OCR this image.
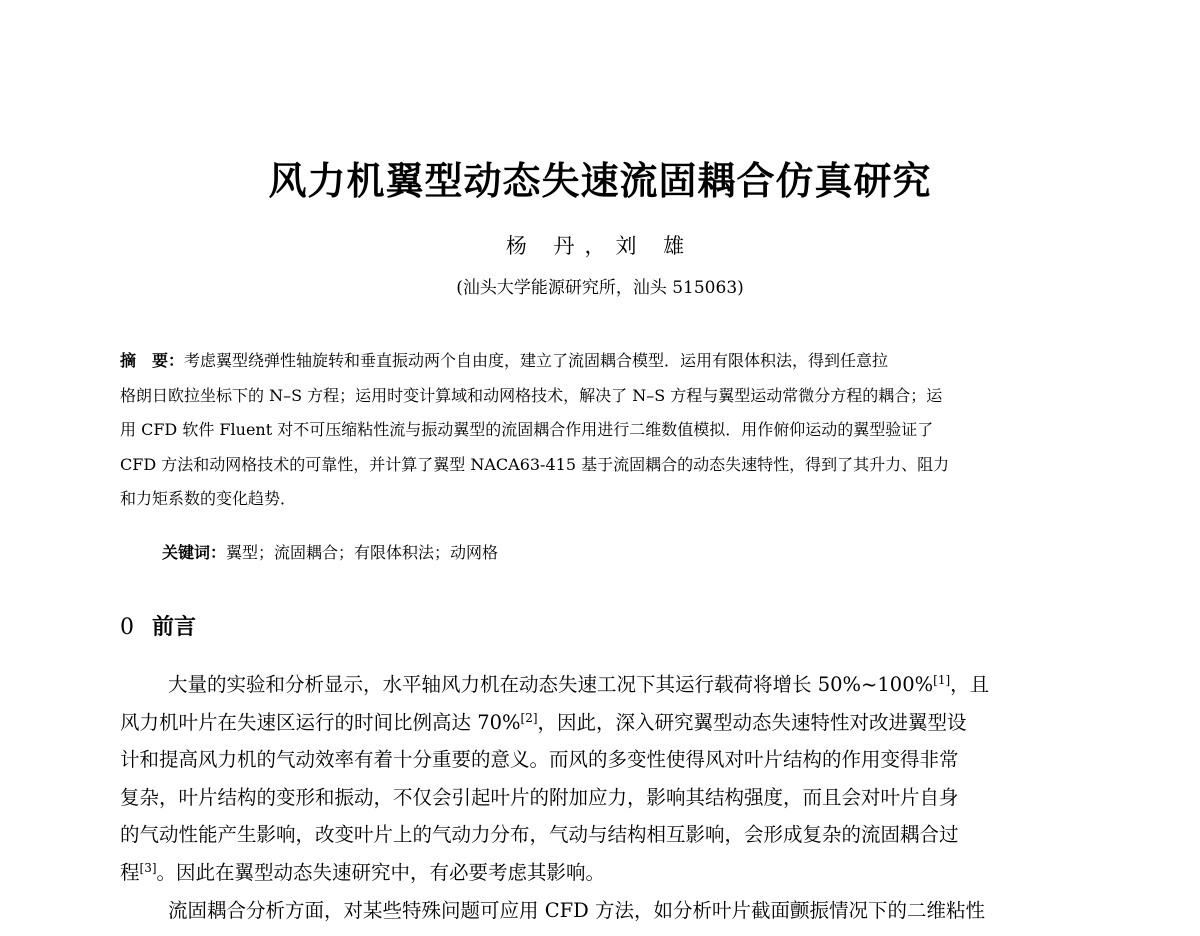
风力机翼型动态失速流固耦合仿真研究
杨 丹，刘 雄
(汕头大学能源研究所，汕头 515063)
摘　要：考虑翼型绕弹性轴旋转和垂直振动两个自由度，建立了流固耦合模型．运用有限体积法，得到任意拉
格朗日欧拉坐标下的 N–S 方程；运用时变计算域和动网格技术，解决了 N–S 方程与翼型运动常微分方程的耦合；运
用 CFD 软件 Fluent 对不可压缩粘性流与振动翼型的流固耦合作用进行二维数值模拟．用作俯仰运动的翼型验证了
CFD 方法和动网格技术的可靠性，并计算了翼型 NACA63-415 基于流固耦合的动态失速特性，得到了其升力、阻力
和力矩系数的变化趋势．
关键词：翼型；流固耦合；有限体积法；动网格
0 前言
大量的实验和分析显示，水平轴风力机在动态失速工况下其运行载荷将增长 50%~100%[1]，且
风力机叶片在失速区运行的时间比例高达 70%[2]，因此，深入研究翼型动态失速特性对改进翼型设
计和提高风力机的气动效率有着十分重要的意义。而风的多变性使得风对叶片结构的作用变得非常
复杂，叶片结构的变形和振动，不仅会引起叶片的附加应力，影响其结构强度，而且会对叶片自身
的气动性能产生影响，改变叶片上的气动力分布，气动与结构相互影响，会形成复杂的流固耦合过
程[3]。因此在翼型动态失速研究中，有必要考虑其影响。
流固耦合分析方面，对某些特殊问题可应用 CFD 方法，如分析叶片截面颤振情况下的二维粘性
